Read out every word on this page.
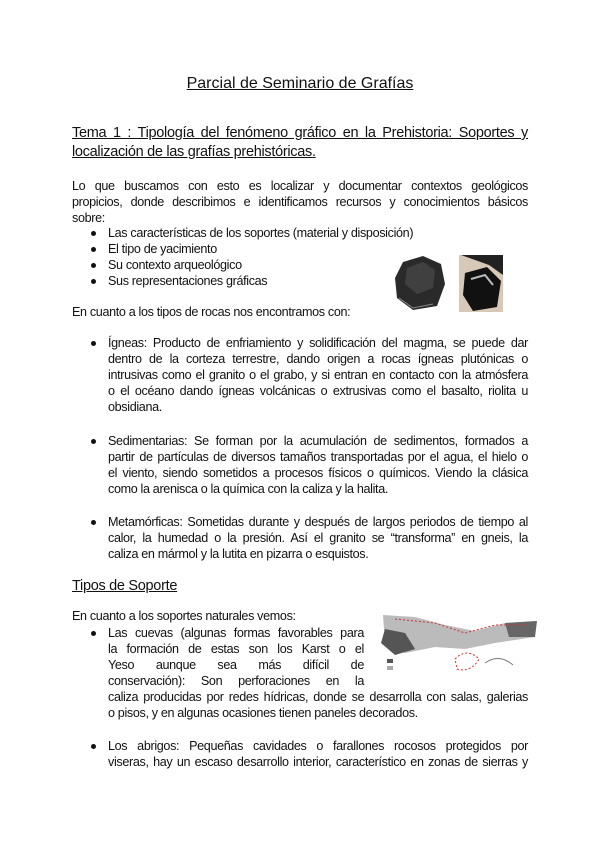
Parcial de Seminario de Grafías
Tema 1 : Tipología del fenómeno gráfico en la Prehistoria: Soportes y
localización de las grafías prehistóricas.
Lo que buscamos con esto es localizar y documentar contextos geológicos
propicios, donde describimos e identificamos recursos y conocimientos básicos
sobre:
Las características de los soportes (material y disposición)
El tipo de yacimiento
Su contexto arqueológico
Sus representaciones gráficas
En cuanto a los tipos de rocas nos encontramos con:
Ígneas: Producto de enfriamiento y solidificación del magma, se puede dar
dentro de la corteza terrestre, dando origen a rocas ígneas plutónicas o
intrusivas como el granito o el grabo, y si entran en contacto con la atmósfera
o el océano dando ígneas volcánicas o extrusivas como el basalto, riolita u
obsidiana.
Sedimentarias: Se forman por la acumulación de sedimentos, formados a
partir de partículas de diversos tamaños transportadas por el agua, el hielo o
el viento, siendo sometidos a procesos físicos o químicos. Viendo la clásica
como la arenisca o la química con la caliza y la halita.
Metamórficas: Sometidas durante y después de largos periodos de tiempo al
calor, la humedad o la presión. Así el granito se “transforma” en gneis, la
caliza en mármol y la lutita en pizarra o esquistos.
En cuanto a los soportes naturales vemos:
Las cuevas (algunas formas favorables para
la formación de estas son los Karst o el
Yeso aunque sea más difícil de
conservación): Son perforaciones en la
caliza producidas por redes hídricas, donde se desarrolla con salas, galerias
o pisos, y en algunas ocasiones tienen paneles decorados.
Los abrigos: Pequeñas cavidades o farallones rocosos protegidos por
viseras, hay un escaso desarrollo interior, característico en zonas de sierras y
Tipos de Soporte
